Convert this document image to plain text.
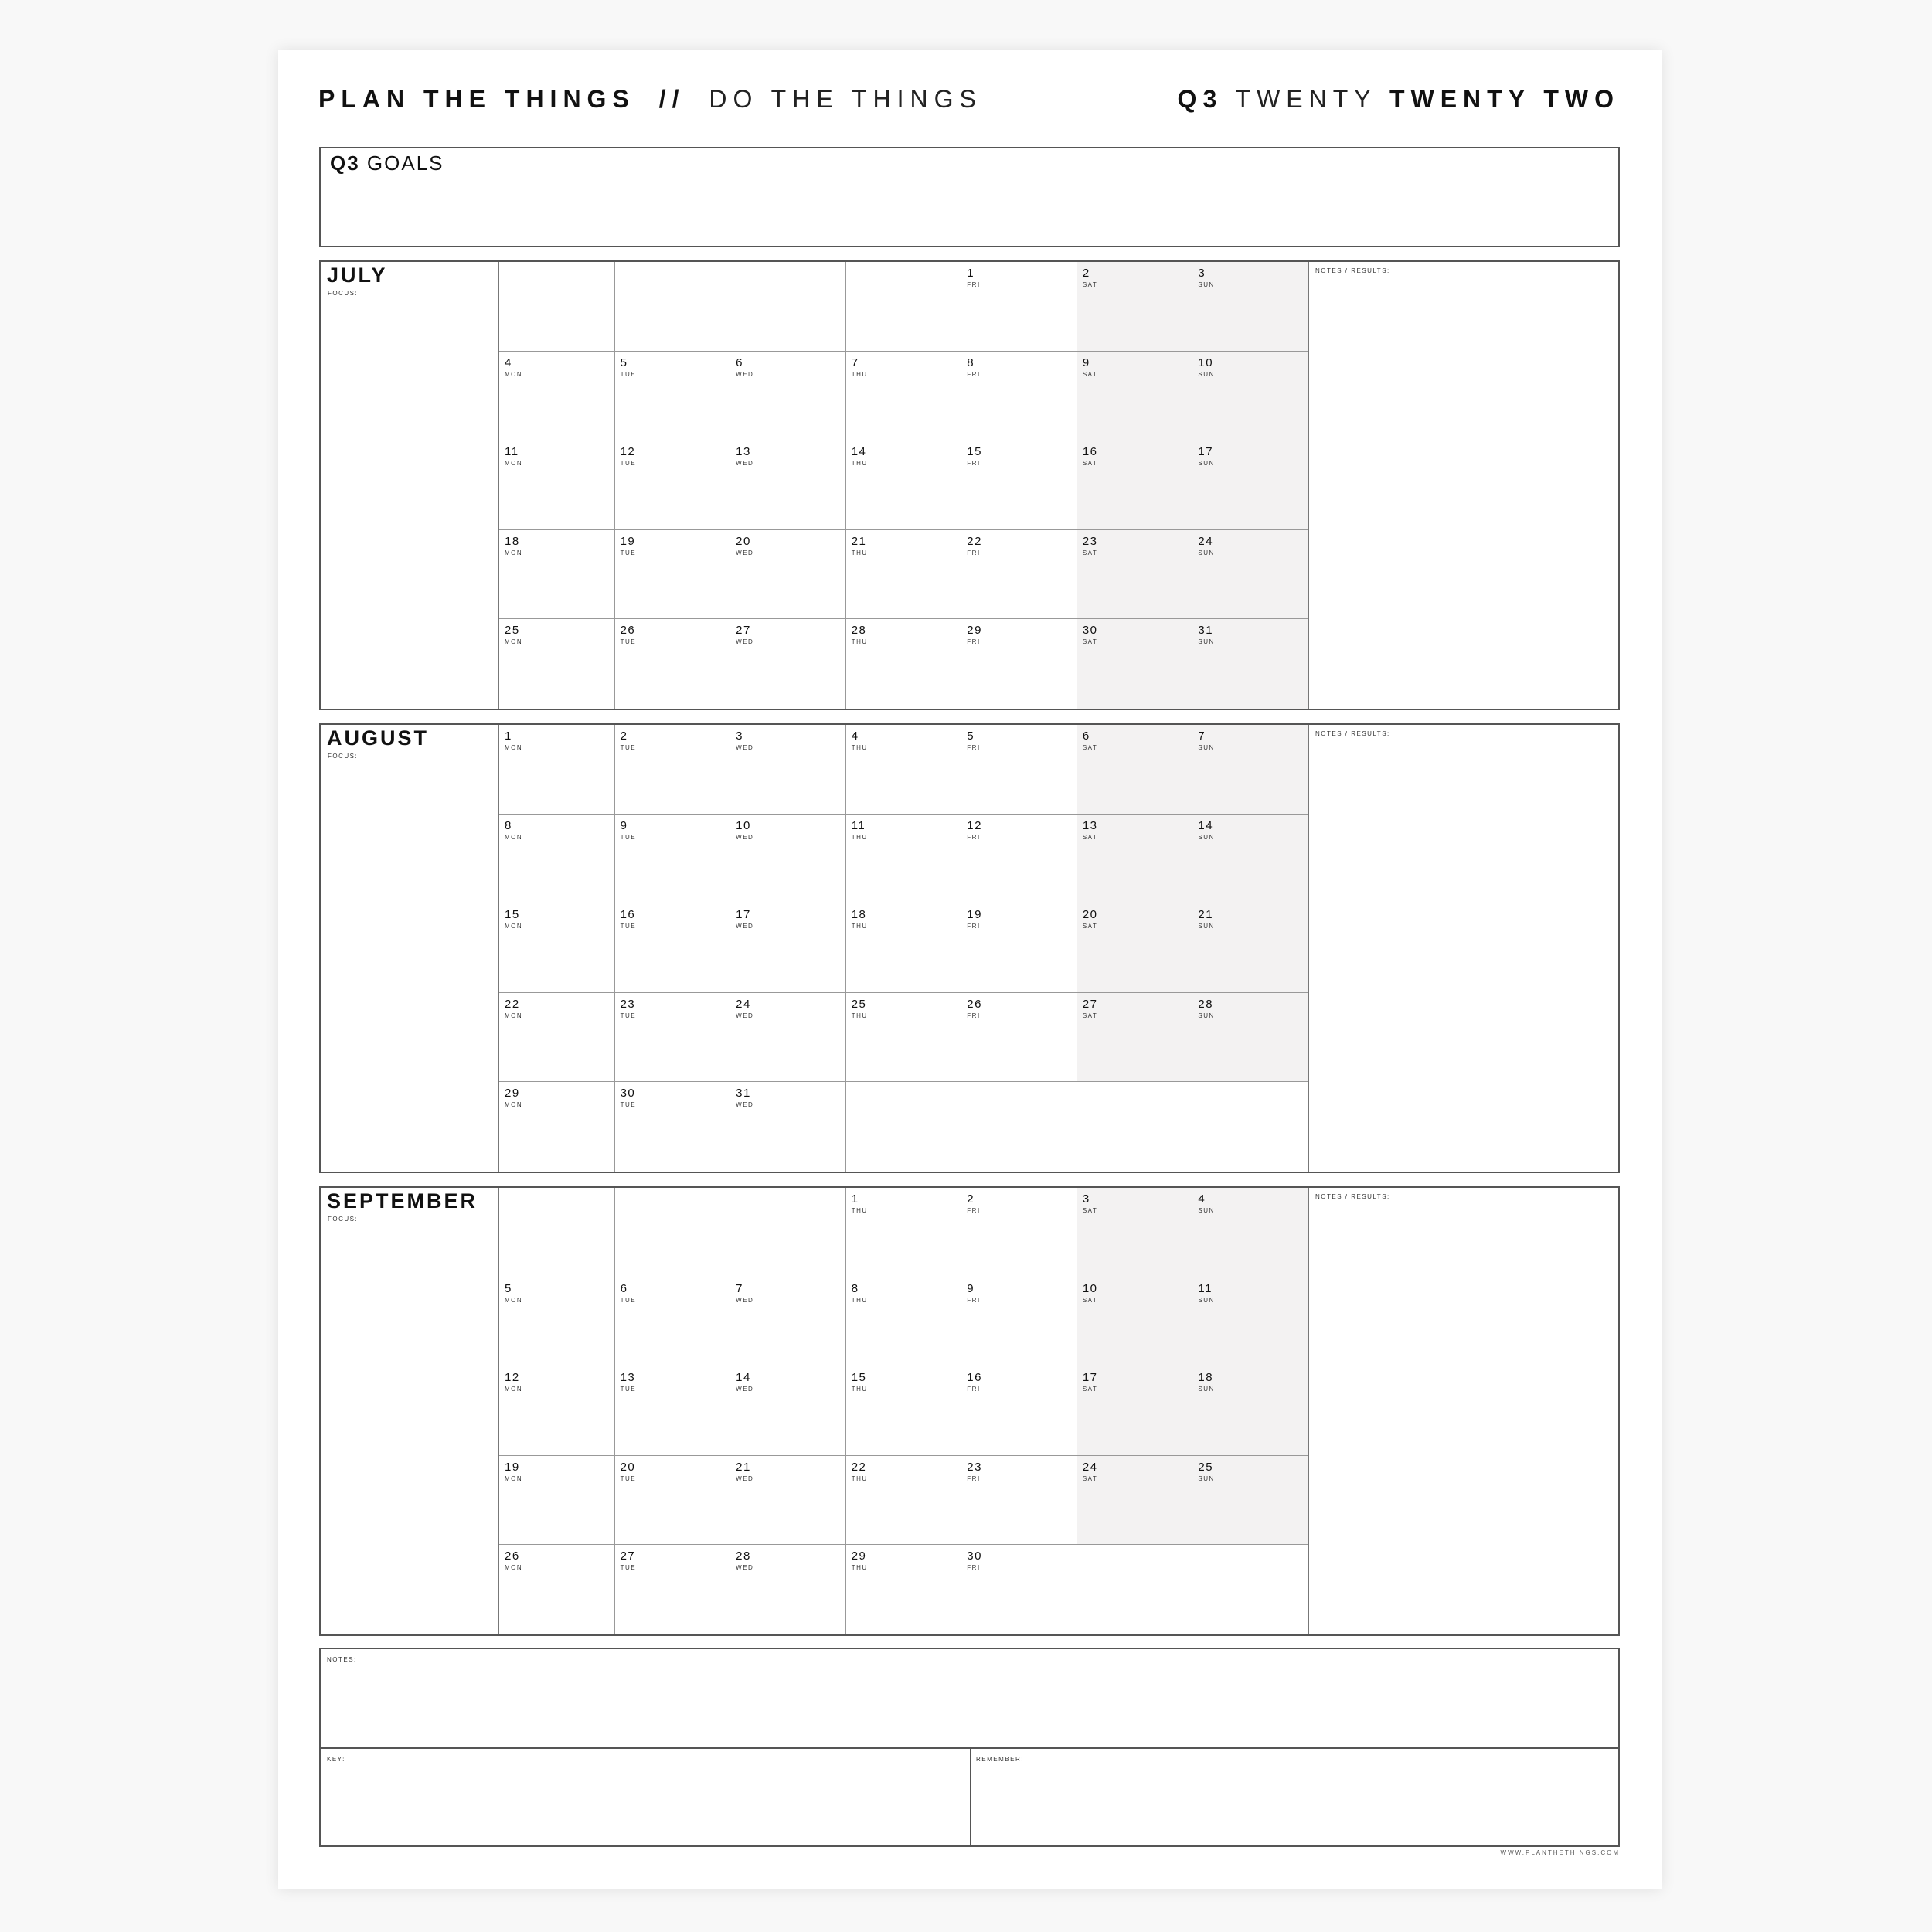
PLAN THE THINGS // DO THE THINGS	Q3 TWENTY TWENTY TWO
Q3 GOALS
JULY
FOCUS:
1
FRI
2
SAT
3
SUN
4
MON
5
TUE
6
WED
7
THU
8
FRI
9
SAT
10
SUN
11
MON
12
TUE
13
WED
14
THU
15
FRI
16
SAT
17
SUN
18
MON
19
TUE
20
WED
21
THU
22
FRI
23
SAT
24
SUN
25
MON
26
TUE
27
WED
28
THU
29
FRI
30
SAT
31
SUN
NOTES / RESULTS:
AUGUST
FOCUS:
1
MON
2
TUE
3
WED
4
THU
5
FRI
6
SAT
7
SUN
8
MON
9
TUE
10
WED
11
THU
12
FRI
13
SAT
14
SUN
15
MON
16
TUE
17
WED
18
THU
19
FRI
20
SAT
21
SUN
22
MON
23
TUE
24
WED
25
THU
26
FRI
27
SAT
28
SUN
29
MON
30
TUE
31
WED
NOTES / RESULTS:
SEPTEMBER
FOCUS:
1
THU
2
FRI
3
SAT
4
SUN
5
MON
6
TUE
7
WED
8
THU
9
FRI
10
SAT
11
SUN
12
MON
13
TUE
14
WED
15
THU
16
FRI
17
SAT
18
SUN
19
MON
20
TUE
21
WED
22
THU
23
FRI
24
SAT
25
SUN
26
MON
27
TUE
28
WED
29
THU
30
FRI
NOTES / RESULTS:
NOTES:
KEY:	REMEMBER:
WWW.PLANTHETHINGS.COM
